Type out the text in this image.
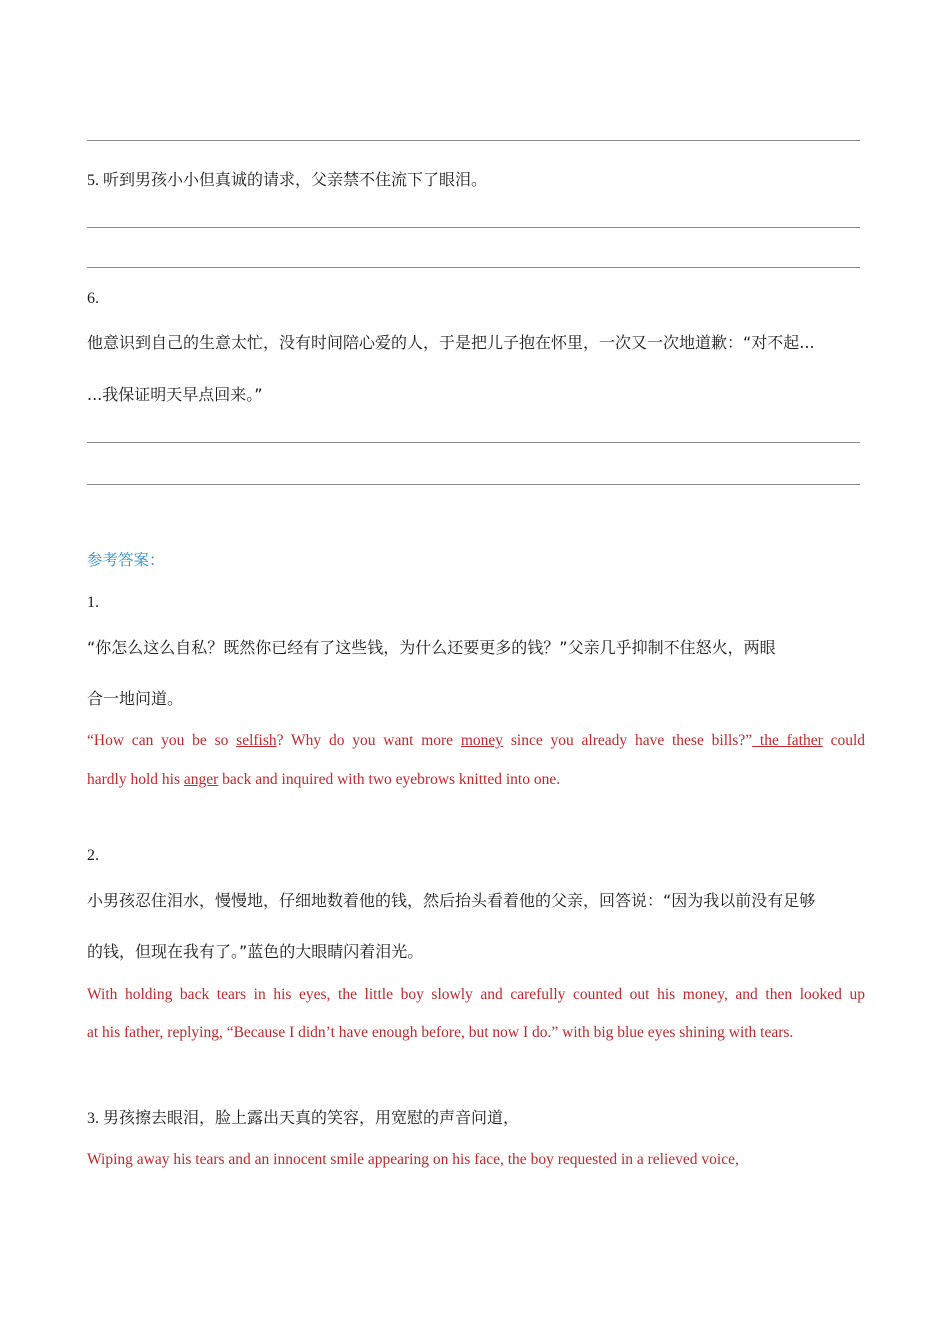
5. 听到男孩小小但真诚的请求，父亲禁不住流下了眼泪。
6.
他意识到自己的生意太忙，没有时间陪心爱的人，于是把儿子抱在怀里，一次又一次地道歉：“对不起...
...我保证明天早点回来。”
参考答案：
1.
“你怎么这么自私？既然你已经有了这些钱，为什么还要更多的钱？”父亲几乎抑制不住怒火，两眼
合一地问道。
“How can you be so selfish? Why do you want more money since you already have these bills?” the father could
hardly hold his anger back and inquired with two eyebrows knitted into one.
2.
小男孩忍住泪水，慢慢地，仔细地数着他的钱，然后抬头看着他的父亲，回答说：“因为我以前没有足够
的钱，但现在我有了。”蓝色的大眼睛闪着泪光。
With holding back tears in his eyes, the little boy slowly and carefully counted out his money, and then looked up
at his father, replying, “Because I didn’t have enough before, but now I do.” with big blue eyes shining with tears.
3. 男孩擦去眼泪，脸上露出天真的笑容，用宽慰的声音问道，
Wiping away his tears and an innocent smile appearing on his face, the boy requested in a relieved voice,
